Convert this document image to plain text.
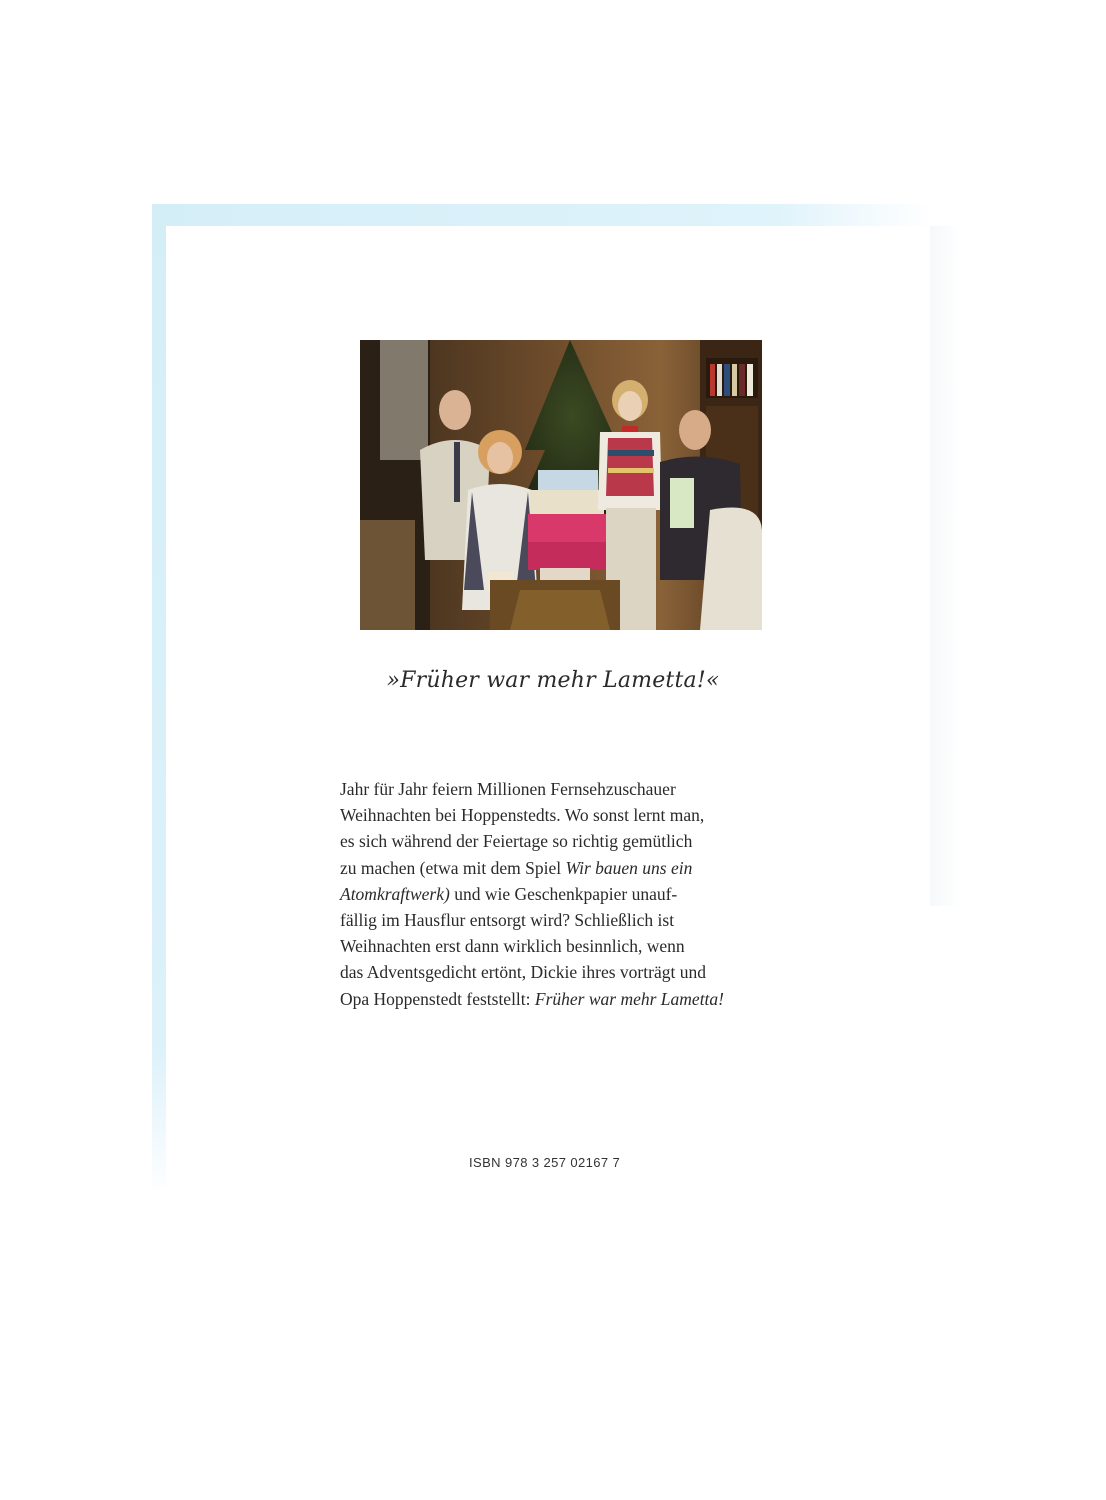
»Früher war mehr Lametta!«
Jahr für Jahr feiern Millionen Fernsehzuschauer
Weihnachten bei Hoppenstedts. Wo sonst lernt man,
es sich während der Feiertage so richtig gemütlich
zu machen (etwa mit dem Spiel Wir bauen uns ein
Atomkraftwerk) und wie Geschenkpapier unauf-
fällig im Hausflur entsorgt wird? Schließlich ist
Weihnachten erst dann wirklich besinnlich, wenn
das Adventsgedicht ertönt, Dickie ihres vorträgt und
Opa Hoppenstedt feststellt: Früher war mehr Lametta!
ISBN 978 3 257 02167 7
